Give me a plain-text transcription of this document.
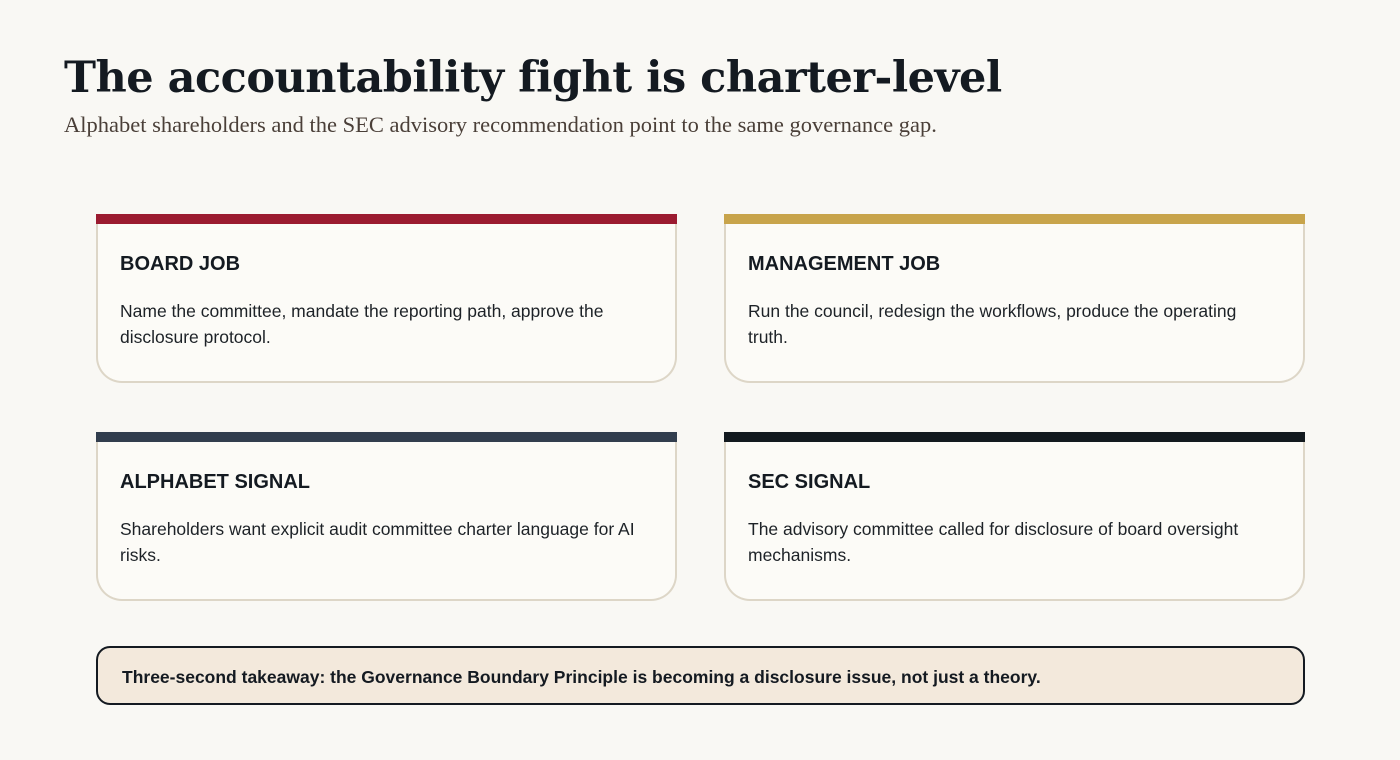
The accountability fight is charter-level

Alphabet shareholders and the SEC advisory recommendation point to the same governance gap.

BOARD JOB
Name the committee, mandate the reporting path, approve the disclosure protocol.
MANAGEMENT JOB
Run the council, redesign the workflows, produce the operating truth.
ALPHABET SIGNAL
Shareholders want explicit audit committee charter language for AI risks.
SEC SIGNAL
The advisory committee called for disclosure of board oversight mechanisms.
Three-second takeaway: the Governance Boundary Principle is becoming a disclosure issue, not just a theory.
